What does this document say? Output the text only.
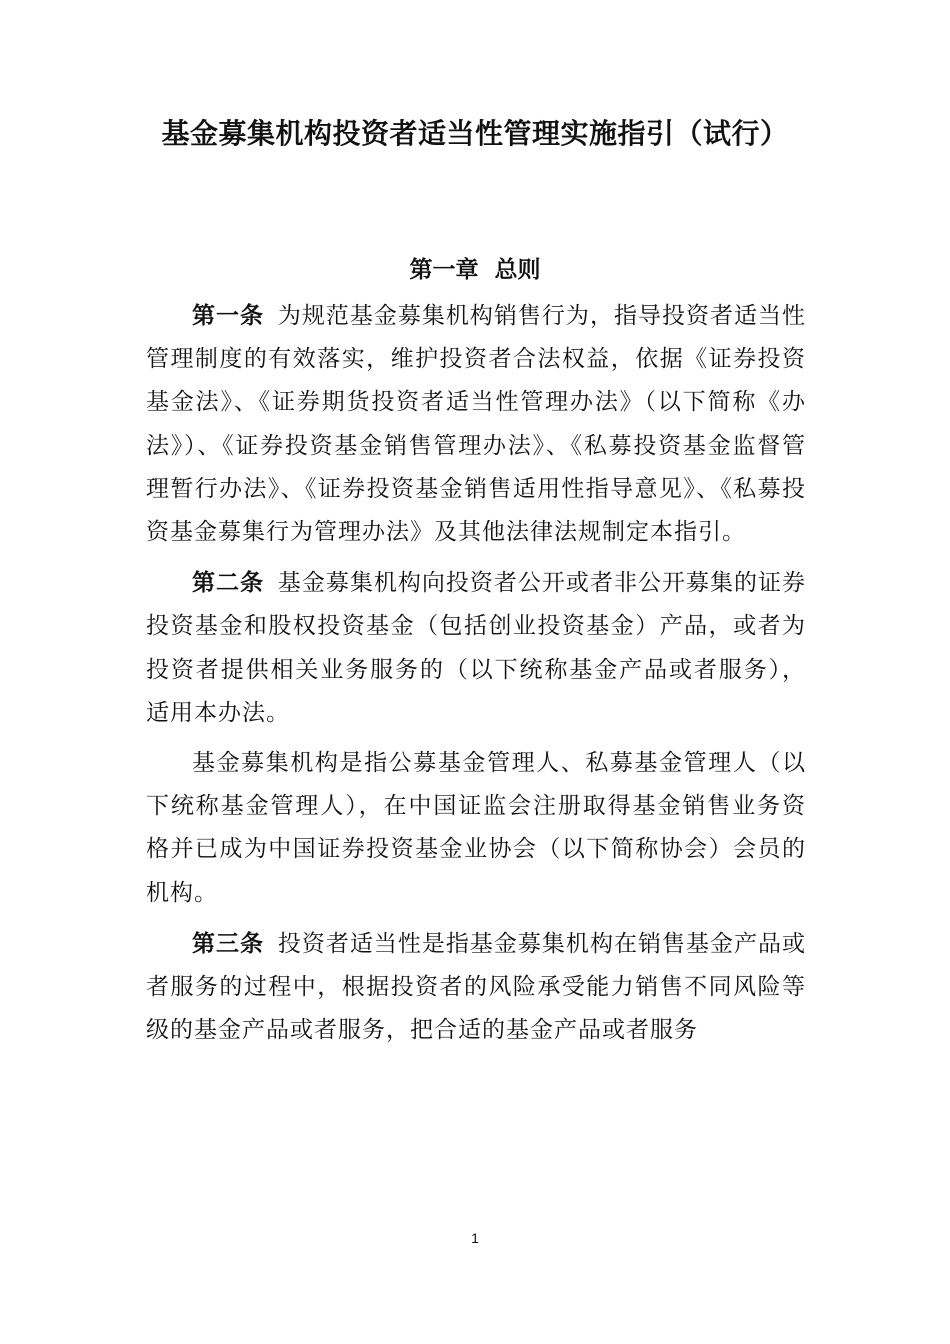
基金募集机构投资者适当性管理实施指引（试行）
第一章  总则

第一条 为规范基金募集机构销售行为，指导投资者适当性管理制度的有效落实，维护投资者合法权益，依据《证券投资基金法》、《证券期货投资者适当性管理办法》（以下简称《办法》）、《证券投资基金销售管理办法》、《私募投资基金监督管理暂行办法》、《证券投资基金销售适用性指导意见》、《私募投资基金募集行为管理办法》及其他法律法规制定本指引。

第二条 基金募集机构向投资者公开或者非公开募集的证券投资基金和股权投资基金（包括创业投资基金）产品，或者为投资者提供相关业务服务的（以下统称基金产品或者服务），适用本办法。

基金募集机构是指公募基金管理人、私募基金管理人（以下统称基金管理人），在中国证监会注册取得基金销售业务资格并已成为中国证券投资基金业协会（以下简称协会）会员的机构。

第三条 投资者适当性是指基金募集机构在销售基金产品或者服务的过程中，根据投资者的风险承受能力销售不同风险等级的基金产品或者服务，把合适的基金产品或者服务

1
